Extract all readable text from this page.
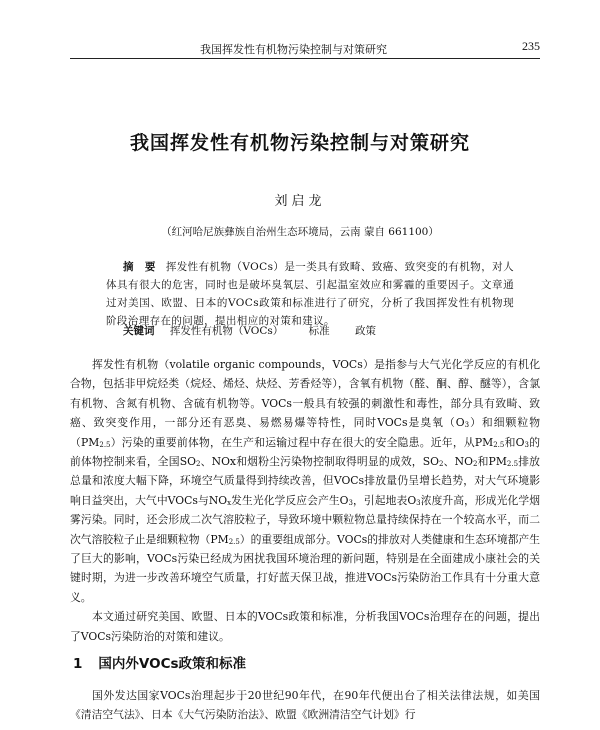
我国挥发性有机物污染控制与对策研究	235
我国挥发性有机物污染控制与对策研究
刘启龙
（红河哈尼族彝族自治州生态环境局，云南 蒙自 661100）
摘　要 挥发性有机物（VOCs）是一类具有致畸、致癌、致突变的有机物，对人体具有很大的危害，同时也是破坏臭氧层、引起温室效应和雾霾的重要因子。文章通过对美国、欧盟、日本的VOCs政策和标准进行了研究，分析了我国挥发性有机物现阶段治理存在的问题，提出相应的对策和建议。
关键词 挥发性有机物（VOCs） 标准 政策

挥发性有机物（volatile organic compounds，VOCs）是指参与大气光化学反应的有机化合物，包括非甲烷烃类（烷烃、烯烃、炔烃、芳香烃等），含氧有机物（醛、酮、醇、醚等），含氯有机物、含氮有机物、含硫有机物等。VOCs一般具有较强的刺激性和毒性，部分具有致畸、致癌、致突变作用，一部分还有恶臭、易燃易爆等特性，同时VOCs是臭氧$(O_3)$和细颗粒物$(PM_{2.5})$污染的重要前体物，在生产和运输过程中存在很大的安全隐患。近年，从$PM_{2.5}$和$O_3$的前体物控制来看，全国$SO_2$、NOx和烟粉尘污染物控制取得明显的成效，$SO_2$、$NO_2$和$PM_{2.5}$排放总量和浓度大幅下降，环境空气质量得到持续改善，但VOCs排放量仍呈增长趋势，对大气环境影响日益突出，大气中VOCs与$NO_x$发生光化学反应会产生$O_3$，引起地表$O_3$浓度升高，形成光化学烟雾污染。同时，还会形成二次气溶胶粒子，导致环境中颗粒物总量持续保持在一个较高水平，而二次气溶胶粒子止是细颗粒物$(PM_{2.5})$的重要组成部分。VOCs的排放对人类健康和生态环境都产生了巨大的影响，VOCs污染已经成为困扰我国环境治理的新问题，特别是在全面建成小康社会的关键时期，为进一步改善环境空气质量，打好蓝天保卫战，推进VOCs污染防治工作具有十分重大意义。

本文通过研究美国、欧盟、日本的VOCs政策和标准，分析我国VOCs治理存在的问题，提出了VOCs污染防治的对策和建议。

1 国内外VOCs政策和标准

国外发达国家VOCs治理起步于20世纪90年代，在90年代便出台了相关法律法规，如美国《清洁空气法》、日本《大气污染防治法》、欧盟《欧洲清洁空气计划》行
